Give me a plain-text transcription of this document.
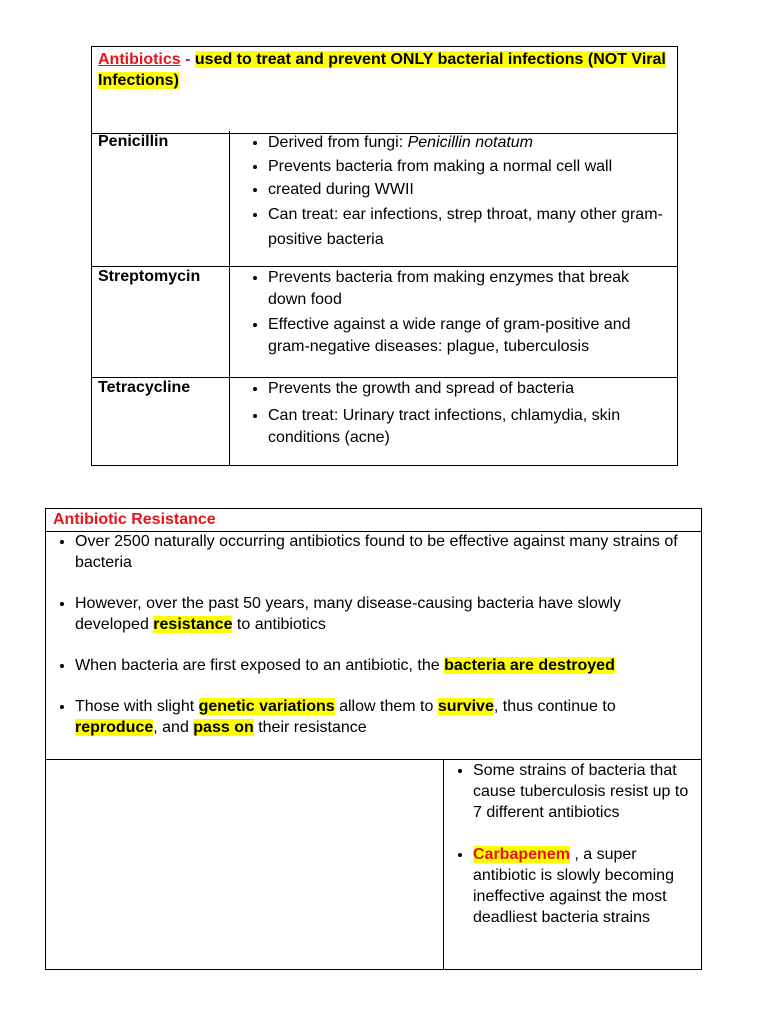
Antibiotics - used to treat and prevent ONLY bacterial infections (NOT Viral Infections)
Penicillin	• Derived from fungi: Penicillin notatum
• Prevents bacteria from making a normal cell wall
• created during WWII
• Can treat: ear infections, strep throat, many other gram-positive bacteria
Streptomycin	• Prevents bacteria from making enzymes that break down food
• Effective against a wide range of gram-positive and gram-negative diseases: plague, tuberculosis
Tetracycline	• Prevents the growth and spread of bacteria
• Can treat: Urinary tract infections, chlamydia, skin conditions (acne)
Antibiotic Resistance
• Over 2500 naturally occurring antibiotics found to be effective against many strains of bacteria
• However, over the past 50 years, many disease-causing bacteria have slowly developed resistance to antibiotics
• When bacteria are first exposed to an antibiotic, the bacteria are destroyed
• Those with slight genetic variations allow them to survive, thus continue to reproduce, and pass on their resistance
• Some strains of bacteria that cause tuberculosis resist up to 7 different antibiotics
• Carbapenem , a super antibiotic is slowly becoming ineffective against the most deadliest bacteria strains
